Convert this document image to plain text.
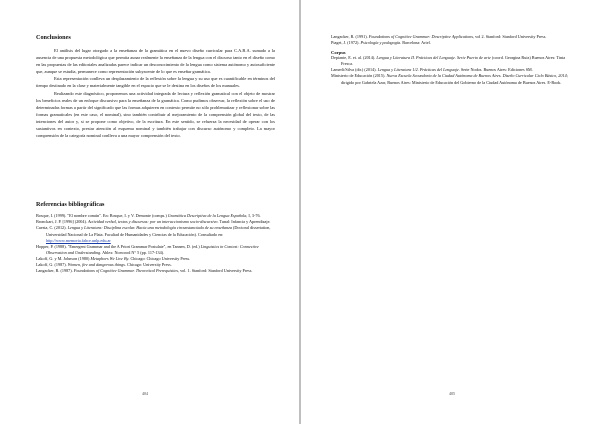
Conclusiones

El análisis del lugar otorgado a la enseñanza de la gramática en el nuevo diseño curricular para C.A.B.A. sumado a la ausencia de una propuesta metodológica que permita aunar realmente la enseñanza de la lengua con el discurso tanto en el diseño como en las propuestas de las editoriales analizadas parece indicar un desconocimiento de la lengua como sistema autónomo y autosuficiente que, aunque se estudia, permanece como representación subyacente de lo que es enseñar gramática.

Esta representación conlleva un desplazamiento de la reflexión sobre la lengua y su uso que es cuantificable en términos del tiempo destinado en la clase y materialmente tangible en el espacio que se le destina en los diseños de los manuales.

Realizando este diagnóstico, proponemos una actividad integrada de lectura y reflexión gramatical con el objeto de mostrar los beneficios reales de un enfoque discursivo para la enseñanza de la gramática. Como pudimos observar, la reflexión sobre el uso de determinadas formas a partir del significado que las formas adquieren en contexto permite no sólo problematizar y reflexionar sobre las formas gramaticales (en este caso, el nominal), sino también contribuir al mejoramiento de la comprensión global del texto, de las intenciones del autor y, si se propone como objetivo, de la escritura. En este sentido, se refuerza la necesidad de operar con los sustantivos en contexto, prestar atención al esquema nominal y también trabajar con discurso autónomo y completo. La mayor comprensión de la categoría nominal conlleva a una mayor comprensión del texto.

Referencias bibliográficas

Bosque, I. (1999). "El nombre común". En: Bosque, I. y V. Demonte (comps.) Gramática Descriptiva de la Lengua Española, I, 3-76.

Bronckart, J. P. [1996] (2004). Actividad verbal, textos y discursos: por un interaccionismo socio-discursivo. Tunal: Infancia y Aprendizaje.

Cuesta, C. (2012). Lengua y Literatura: Disciplina escolar. Hacia una metodología circunstanciada de su enseñanza (Doctoral dissertation, Universidad Nacional de La Plata. Facultad de Humanidades y Ciencias de la Educación). Consultado en: http://www.memoria.fahce.unlp.edu.ar

Hopper, P. (1988). "Emergent Grammar and the A Priori Grammar Postulate", en Tannen, D. (ed.) Linguistics in Context: Connective Observation and Understanding. Ablex: Norwood N° 5 (pp. 117-134).

Lakoff, G. y M. Johnson (1980) Metaphors We Live By. Chicago: Chicago University Press.

Lakoff, G. (1987). Women, fire and dangerous things. Chicago: University Press.

Langacker, R. (1987). Foundations of Cognitive Grammar. Theoretical Prerequisites, vol. 1. Stanford: Stanford University Press.

404

Langacker, R. (1991). Foundations of Cognitive Grammar: Descriptive Applications, vol 2. Stanford: Stanford University Press.

Piaget, J. (1972). Psicología y pedagogía. Barcelona: Ariel.

Corpus

Depiante, E. et. al. (2014). Lengua y Literatura II. Prácticas del Lenguaje. Serie Puerto de arte (coord. Georgina Ruiz) Buenos Aires: Tinta Fresca.

Lamerli/Silva (dir.) (2014). Lengua y Literatura 1/2. Prácticas del Lenguaje. Serie Nodos. Buenos Aires: Ediciones SM.

Ministerio de Educación (2015). Nueva Escuela Secundaria de la Ciudad Autónoma de Buenos Aires. Diseño Curricular Ciclo Básico, 2014; dirigido por Gabriela Azar, Buenos Aires: Ministerio de Educación del Gobierno de la Ciudad Autónoma de Buenos Aires. E-Book.

405
